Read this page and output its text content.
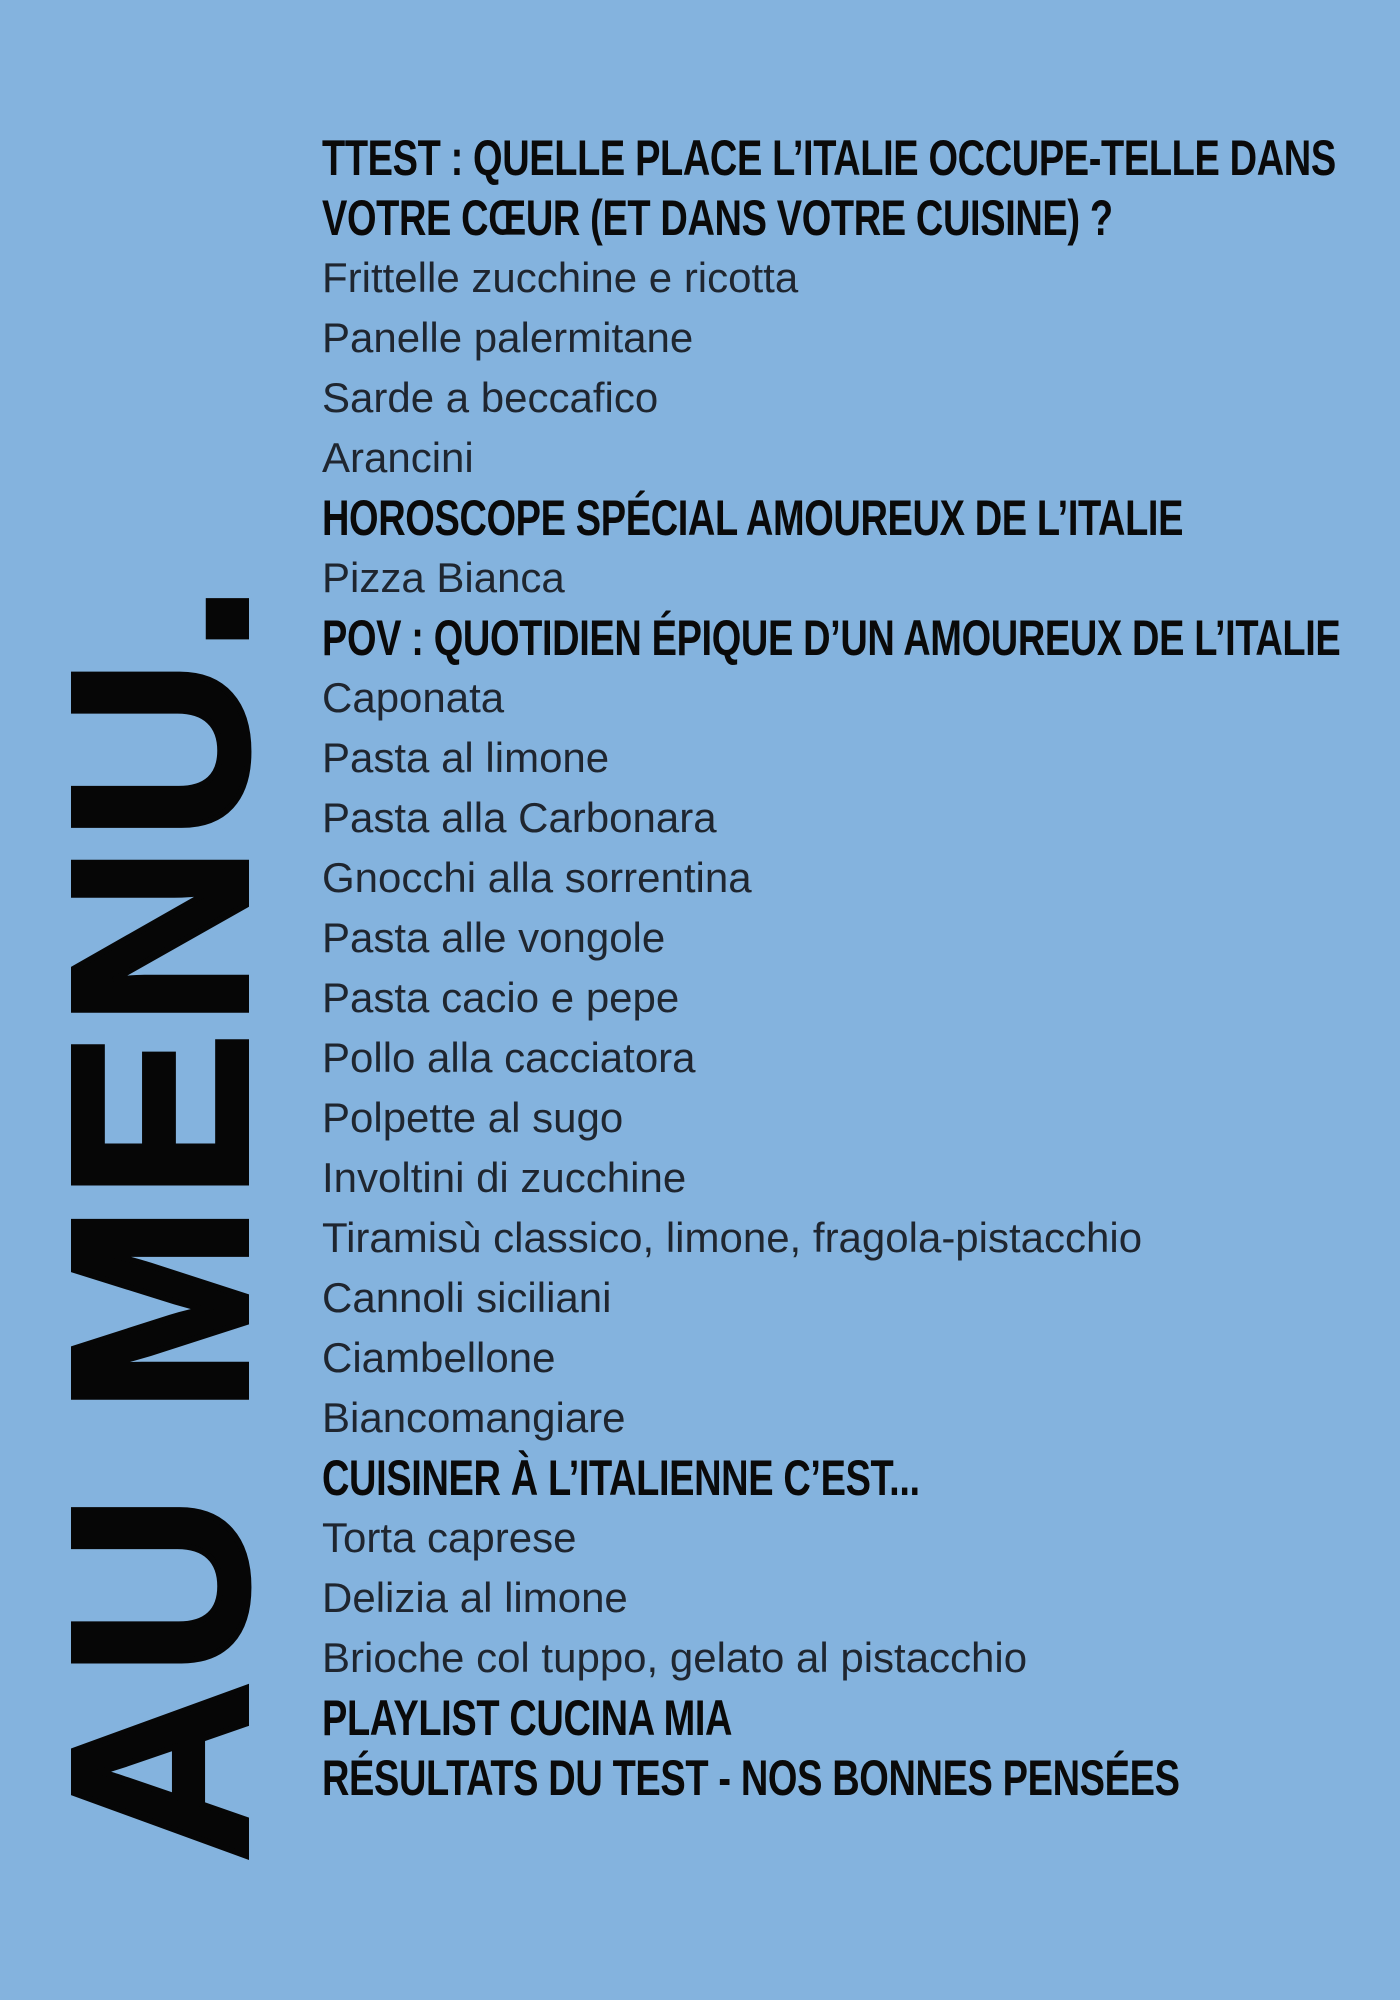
AU MENU.
TTEST : QUELLE PLACE L’ITALIE OCCUPE-TELLE DANS
VOTRE CŒUR (ET DANS VOTRE CUISINE) ?
Frittelle zucchine e ricotta
Panelle palermitane
Sarde a beccafico
Arancini
HOROSCOPE SPÉCIAL AMOUREUX DE L’ITALIE
Pizza Bianca
POV : QUOTIDIEN ÉPIQUE D’UN AMOUREUX DE L’ITALIE
Caponata
Pasta al limone
Pasta alla Carbonara
Gnocchi alla sorrentina
Pasta alle vongole
Pasta cacio e pepe
Pollo alla cacciatora
Polpette al sugo
Involtini di zucchine
Tiramisù classico, limone, fragola-pistacchio
Cannoli siciliani
Ciambellone
Biancomangiare
CUISINER À L’ITALIENNE C’EST...
Torta caprese
Delizia al limone
Brioche col tuppo, gelato al pistacchio
PLAYLIST CUCINA MIA
RÉSULTATS DU TEST - NOS BONNES PENSÉES
